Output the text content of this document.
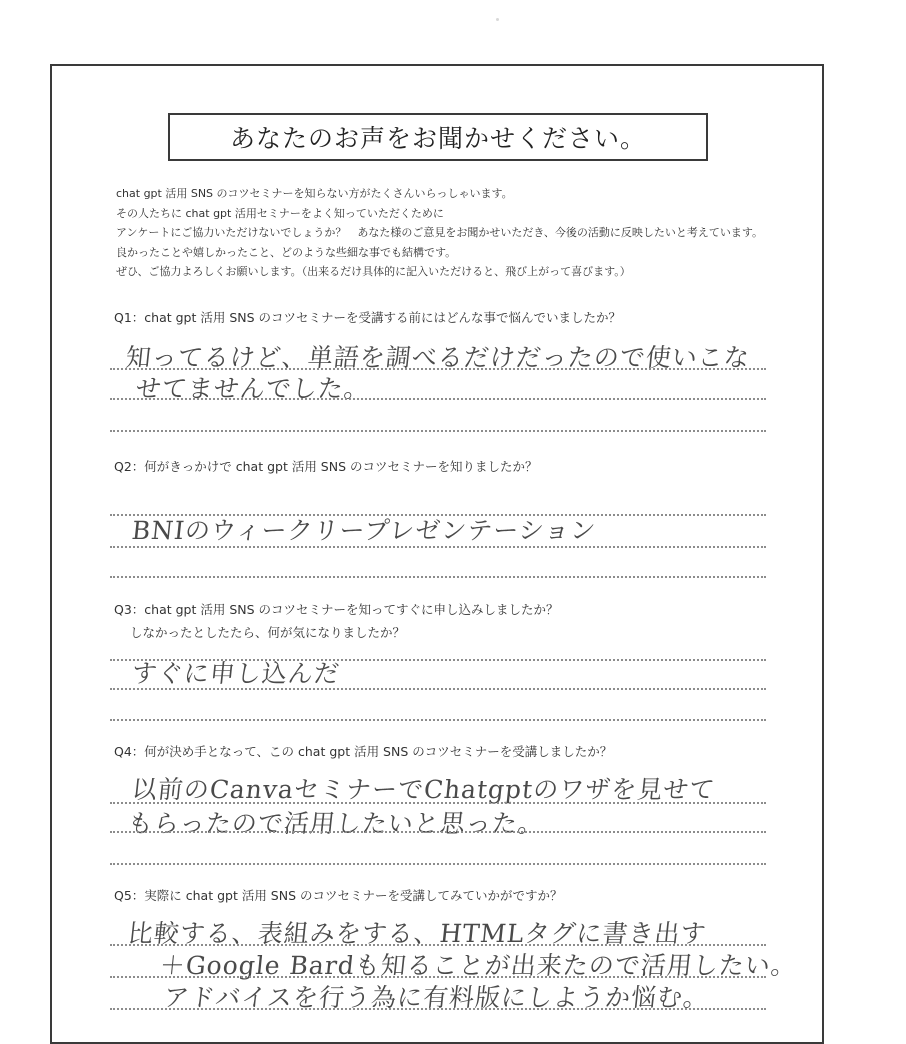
あなたのお声をお聞かせください。
chat gpt 活用 SNS のコツセミナーを知らない方がたくさんいらっしゃいます。
その人たちに chat gpt 活用セミナーをよく知っていただくために
アンケートにご協力いただけないでしょうか？　あなた様のご意見をお聞かせいただき、今後の活動に反映したいと考えています。
良かったことや嬉しかったこと、どのような些細な事でも結構です。
ぜひ、ご協力よろしくお願いします。（出来るだけ具体的に記入いただけると、飛び上がって喜びます。）
Q1：chat gpt 活用 SNS のコツセミナーを受講する前にはどんな事で悩んでいましたか？
知ってるけど、単語を調べるだけだったので使いこな
せてませんでした。
Q2：何がきっかけで chat gpt 活用 SNS のコツセミナーを知りましたか？
BNIのウィークリープレゼンテーション
Q3：chat gpt 活用 SNS のコツセミナーを知ってすぐに申し込みしましたか？
しなかったとしたたら、何が気になりましたか？
すぐに申し込んだ
Q4：何が決め手となって、この chat gpt 活用 SNS のコツセミナーを受講しましたか？
以前のCanvaセミナーでChatgptのワザを見せて
もらったので活用したいと思った。
Q5：実際に chat gpt 活用 SNS のコツセミナーを受講してみていかがですか？
比較する、表組みをする、HTMLタグに書き出す
＋Google Bardも知ることが出来たので活用したい。
アドバイスを行う為に有料版にしようか悩む。
